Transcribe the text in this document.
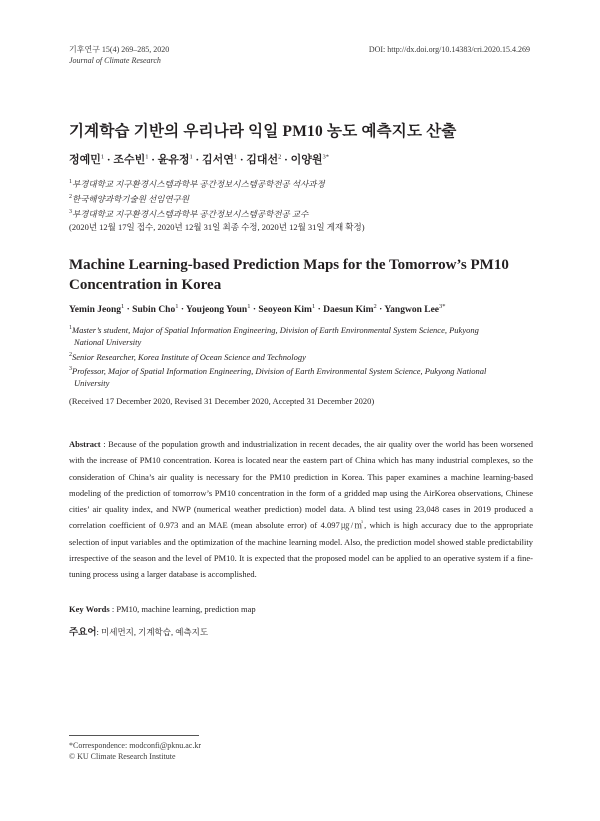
기후연구 15(4) 269–285, 2020
Journal of Climate Research
DOI: http://dx.doi.org/10.14383/cri.2020.15.4.269
기계학습 기반의 우리나라 익일 PM10 농도 예측지도 산출
정예민$^1$ · 조수빈$^1$ · 윤유정$^1$ · 김서연$^1$ · 김대선$^2$ · 이양원$^{3*}$
$^1$부경대학교 지구환경시스템과학부 공간정보시스템공학전공 석사과정
$^2$한국해양과학기술원 선임연구원
$^3$부경대학교 지구환경시스템과학부 공간정보시스템공학전공 교수
(2020년 12월 17일 접수, 2020년 12월 31일 최종 수정, 2020년 12월 31일 게재 확정)
Machine Learning-based Prediction Maps for the Tomorrow’s PM10 Concentration in Korea
Yemin Jeong$^1$ · Subin Cho$^1$ · Youjeong Youn$^1$ · Seoyeon Kim$^1$ · Daesun Kim$^2$ · Yangwon Lee$^{3*}$
$^1$Master’s student, Major of Spatial Information Engineering, Division of Earth Environmental System Science, Pukyong
National University
$^2$Senior Researcher, Korea Institute of Ocean Science and Technology
$^3$Professor, Major of Spatial Information Engineering, Division of Earth Environmental System Science, Pukyong National
University
(Received 17 December 2020, Revised 31 December 2020, Accepted 31 December 2020)
Abstract : Because of the population growth and industrialization in recent decades, the air quality over the world has been worsened with the increase of PM10 concentration. Korea is located near the eastern part of China which has many industrial complexes, so the consideration of China’s air quality is necessary for the PM10 prediction in Korea. This paper examines a machine learning-based modeling of the prediction of tomorrow’s PM10 concentration in the form of a gridded map using the AirKorea observations, Chinese cities’ air quality index, and NWP (numerical weather prediction) model data. A blind test using 23,048 cases in 2019 produced a correlation coefficient of 0.973 and an MAE (mean absolute error) of 4.097㎍/㎥, which is high accuracy due to the appropriate selection of input variables and the optimization of the machine learning model. Also, the prediction model showed stable predictability irrespective of the season and the level of PM10. It is expected that the proposed model can be applied to an operative system if a fine-tuning process using a larger database is accomplished.
Key Words : PM10, machine learning, prediction map
주요어: 미세먼지, 기계학습, 예측지도
*Correspondence: modconfi@pknu.ac.kr
© KU Climate Research Institute
